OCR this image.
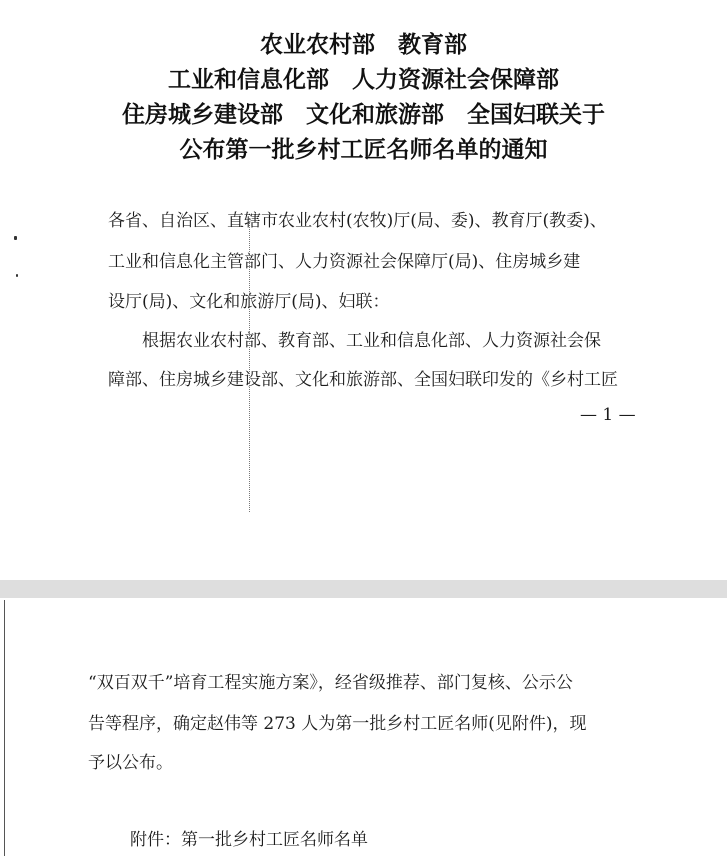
农业农村部　教育部
工业和信息化部　人力资源社会保障部
住房城乡建设部　文化和旅游部　全国妇联关于
公布第一批乡村工匠名师名单的通知
各省、自治区、直辖市农业农村(农牧)厅(局、委)、教育厅(教委)、
工业和信息化主管部门、人力资源社会保障厅(局)、住房城乡建
设厅(局)、文化和旅游厅(局)、妇联：
　　根据农业农村部、教育部、工业和信息化部、人力资源社会保
障部、住房城乡建设部、文化和旅游部、全国妇联印发的《乡村工匠
— 1 —
“双百双千”培育工程实施方案》，经省级推荐、部门复核、公示公
告等程序，确定赵伟等 273 人为第一批乡村工匠名师(见附件)，现
予以公布。
附件：第一批乡村工匠名师名单
